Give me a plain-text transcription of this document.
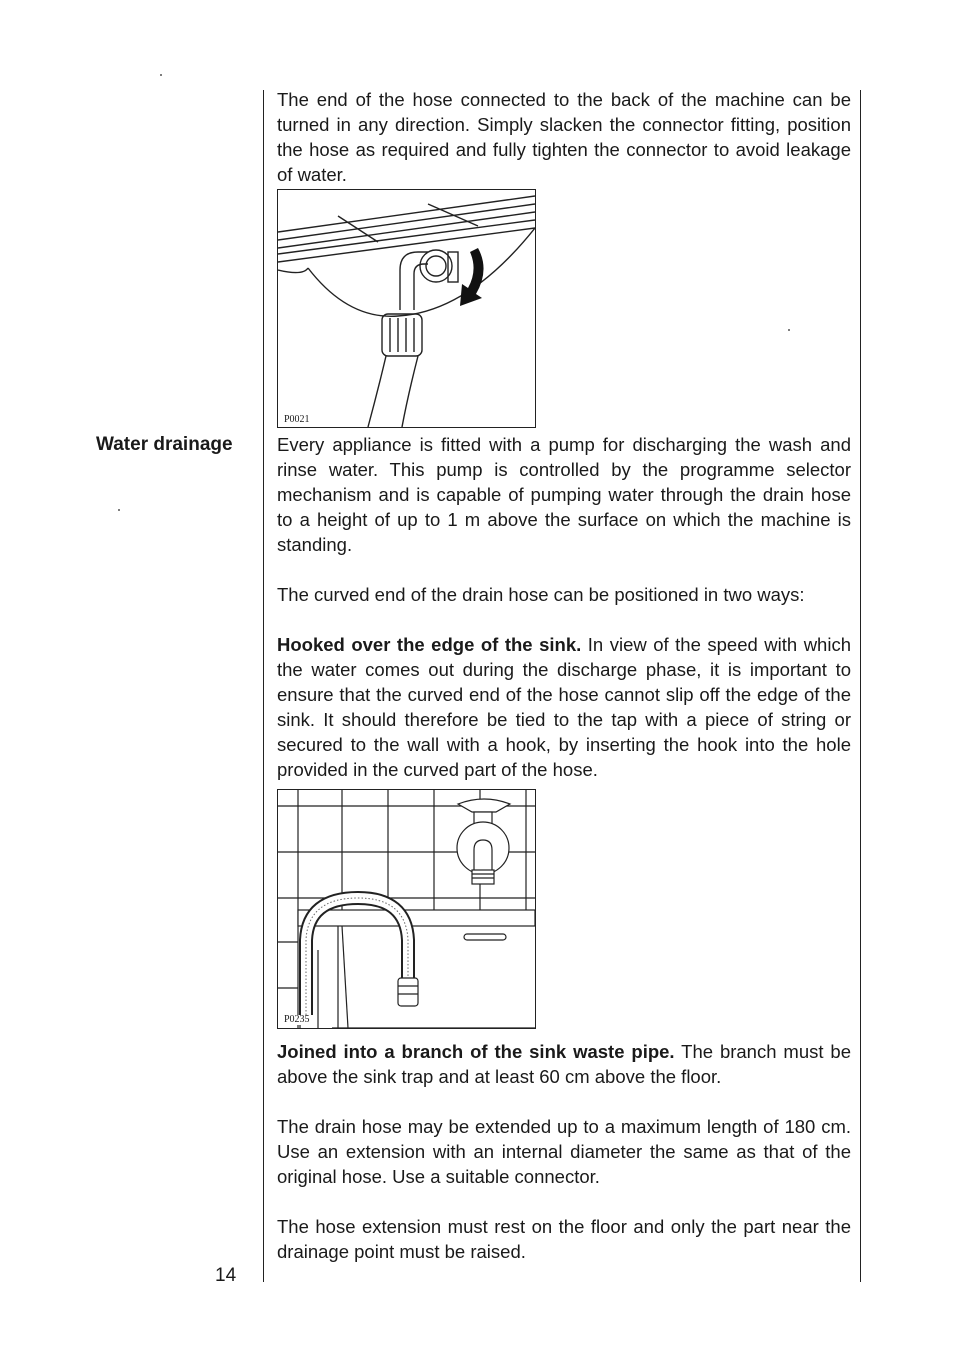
The end of the hose connected to the back of the machine can be turned in any direction. Simply slacken the connector fitting, position the hose as required and fully tighten the connector to avoid leakage of water.

P0021
Water drainage	Every appliance is fitted with a pump for discharging the wash and rinse water. This pump is controlled by the programme selector mechanism and is capable of pumping water through the drain hose to a height of up to 1 m above the surface on which the machine is standing.

The curved end of the drain hose can be positioned in two ways:

Hooked over the edge of the sink. In view of the speed with which the water comes out during the discharge phase, it is important to ensure that the curved end of the hose cannot slip off the edge of the sink. It should therefore be tied to the tap with a piece of string or secured to the wall with a hook, by inserting the hook into the hole provided in the curved part of the hose.

P0235

Joined into a branch of the sink waste pipe. The branch must be above the sink trap and at least 60 cm above the floor.

The drain hose may be extended up to a maximum length of 180 cm. Use an extension with an internal diameter the same as that of the original hose. Use a suitable connector.

The hose extension must rest on the floor and only the part near the drainage point must be raised.

14
